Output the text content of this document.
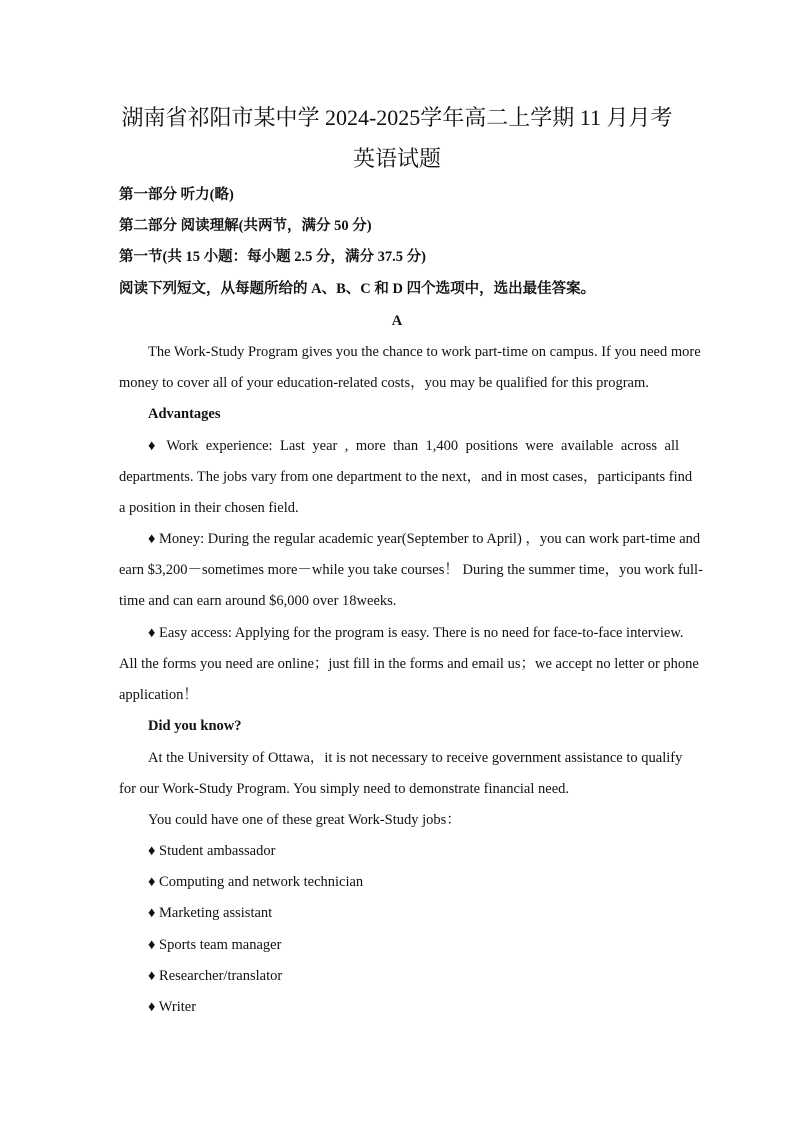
湖南省祁阳市某中学 2024-2025学年高二上学期 11 月月考
英语试题
第一部分 听力(略)
第二部分 阅读理解(共两节，满分 50 分)
第一节(共 15 小题：每小题 2.5 分，满分 37.5 分)
阅读下列短文，从每题所给的 A、B、C 和 D 四个选项中，选出最佳答案。
A
The Work-Study Program gives you the chance to work part-time on campus. If you need more
money to cover all of your education-related costs，you may be qualified for this program.
Advantages
♦ Work experience: Last year , more than 1,400 positions were available across all
departments. The jobs vary from one department to the next，and in most cases，participants find
a position in their chosen field.
♦ Money: During the regular academic year(September to April) ，you can work part-time and
earn $3,200－sometimes more－while you take courses！ During the summer time，you work full-
time and can earn around $6,000 over 18weeks.
♦ Easy access: Applying for the program is easy. There is no need for face-to-face interview.
All the forms you need are online；just fill in the forms and email us；we accept no letter or phone
application！
Did you know?
At the University of Ottawa，it is not necessary to receive government assistance to qualify
for our Work-Study Program. You simply need to demonstrate financial need.
You could have one of these great Work-Study jobs：
♦ Student ambassador
♦ Computing and network technician
♦ Marketing assistant
♦ Sports team manager
♦ Researcher/translator
♦ Writer
